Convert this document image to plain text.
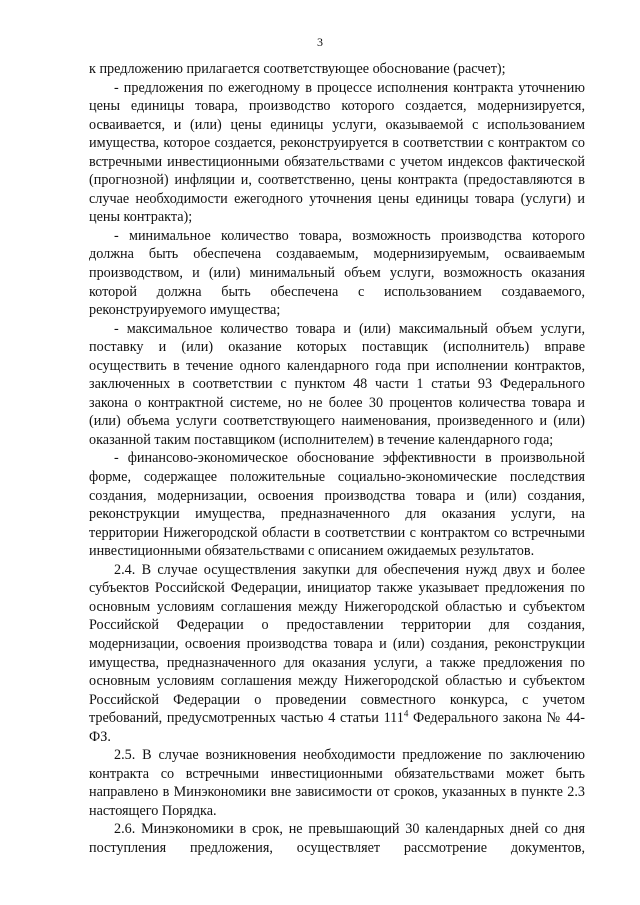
3

к предложению прилагается соответствующее обоснование (расчет);

- предложения по ежегодному в процессе исполнения контракта уточнению цены единицы товара, производство которого создается, модернизируется, осваивается, и (или) цены единицы услуги, оказываемой с использованием имущества, которое создается, реконструируется в соответствии с контрактом со встречными инвестиционными обязательствами с учетом индексов фактической (прогнозной) инфляции и, соответственно, цены контракта (предоставляются в случае необходимости ежегодного уточнения цены единицы товара (услуги) и цены контракта);

- минимальное количество товара, возможность производства которого должна быть обеспечена создаваемым, модернизируемым, осваиваемым производством, и (или) минимальный объем услуги, возможность оказания которой должна быть обеспечена с использованием создаваемого, реконструируемого имущества;

- максимальное количество товара и (или) максимальный объем услуги, поставку и (или) оказание которых поставщик (исполнитель) вправе осуществить в течение одного календарного года при исполнении контрактов, заключенных в соответствии с пунктом 48 части 1 статьи 93 Федерального закона о контрактной системе, но не более 30 процентов количества товара и (или) объема услуги соответствующего наименования, произведенного и (или) оказанной таким поставщиком (исполнителем) в течение календарного года;

- финансово-экономическое обоснование эффективности в произвольной форме, содержащее положительные социально-экономические последствия создания, модернизации, освоения производства товара и (или) создания, реконструкции имущества, предназначенного для оказания услуги, на территории Нижегородской области в соответствии с контрактом со встречными инвестиционными обязательствами с описанием ожидаемых результатов.

2.4. В случае осуществления закупки для обеспечения нужд двух и более субъектов Российской Федерации, инициатор также указывает предложения по основным условиям соглашения между Нижегородской областью и субъектом Российской Федерации о предоставлении территории для создания, модернизации, освоения производства товара и (или) создания, реконструкции имущества, предназначенного для оказания услуги, а также предложения по основным условиям соглашения между Нижегородской областью и субъектом Российской Федерации о проведении совместного конкурса, с учетом требований, предусмотренных частью 4 статьи $111^4$ Федерального закона № 44-ФЗ.

2.5. В случае возникновения необходимости предложение по заключению контракта со встречными инвестиционными обязательствами может быть направлено в Минэкономики вне зависимости от сроков, указанных в пункте 2.3 настоящего Порядка.

2.6. Минэкономики в срок, не превышающий 30 календарных дней со дня поступления предложения, осуществляет рассмотрение документов,
